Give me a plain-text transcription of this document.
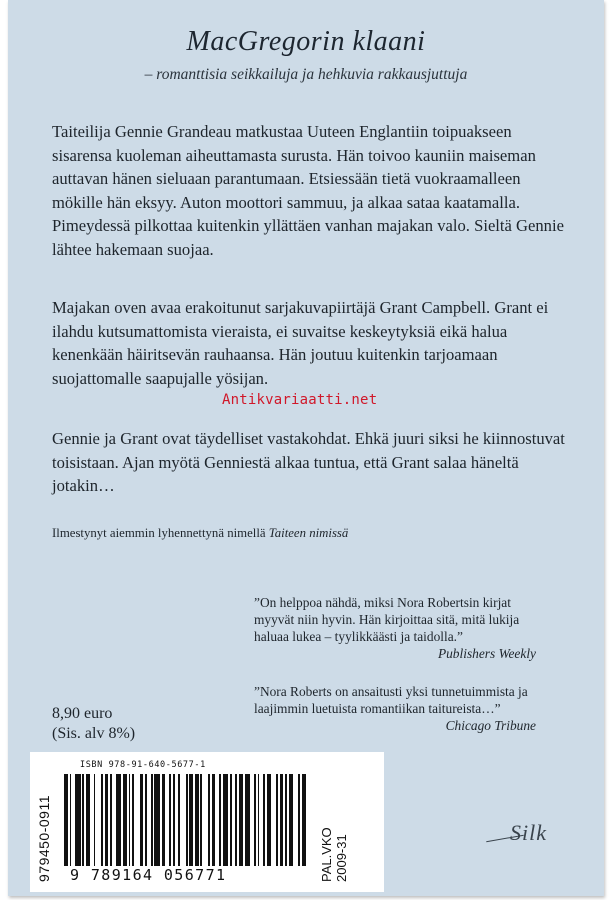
MacGregorin klaani
– romanttisia seikkailuja ja hehkuvia rakkausjuttuja

Taiteilija Gennie Grandeau matkustaa Uuteen Englantiin toipuakseen sisarensa kuoleman aiheuttamasta surusta. Hän toivoo kauniin maiseman auttavan hänen sieluaan parantumaan. Etsiessään tietä vuokraamalleen mökille hän eksyy. Auton moottori sammuu, ja alkaa sataa kaatamalla. Pimeydessä pilkottaa kuitenkin yllättäen vanhan majakan valo. Sieltä Gennie lähtee hakemaan suojaa.

Majakan oven avaa erakoitunut sarjakuvapiirtäjä Grant Campbell. Grant ei ilahdu kutsumattomista vieraista, ei suvaitse keskeytyksiä eikä halua kenenkään häiritsevän rauhaansa. Hän joutuu kuitenkin tarjoamaan suojattomalle saapujalle yösijan.

Gennie ja Grant ovat täydelliset vastakohdat. Ehkä juuri siksi he kiinnostuvat toisistaan. Ajan myötä Genniestä alkaa tuntua, että Grant salaa häneltä jotakin…

Antikvariaatti.net
Ilmestynyt aiemmin lyhennettynä nimellä Taiteen nimissä
”On helppoa nähdä, miksi Nora Robertsin kirjat myyvät niin hyvin. Hän kirjoittaa sitä, mitä lukija haluaa lukea – tyylikkäästi ja taidolla.”
Publishers Weekly
”Nora Roberts on ansaitusti yksi tunnetuimmista ja laajimmin luetuista romantiikan taitureista…”
Chicago Tribune
8,90 euro
(Sis. alv 8%)
979450-0911
ISBN 978-91-640-5677-1
9 789164 056771	PAL.VKO 2009-31
Silk
